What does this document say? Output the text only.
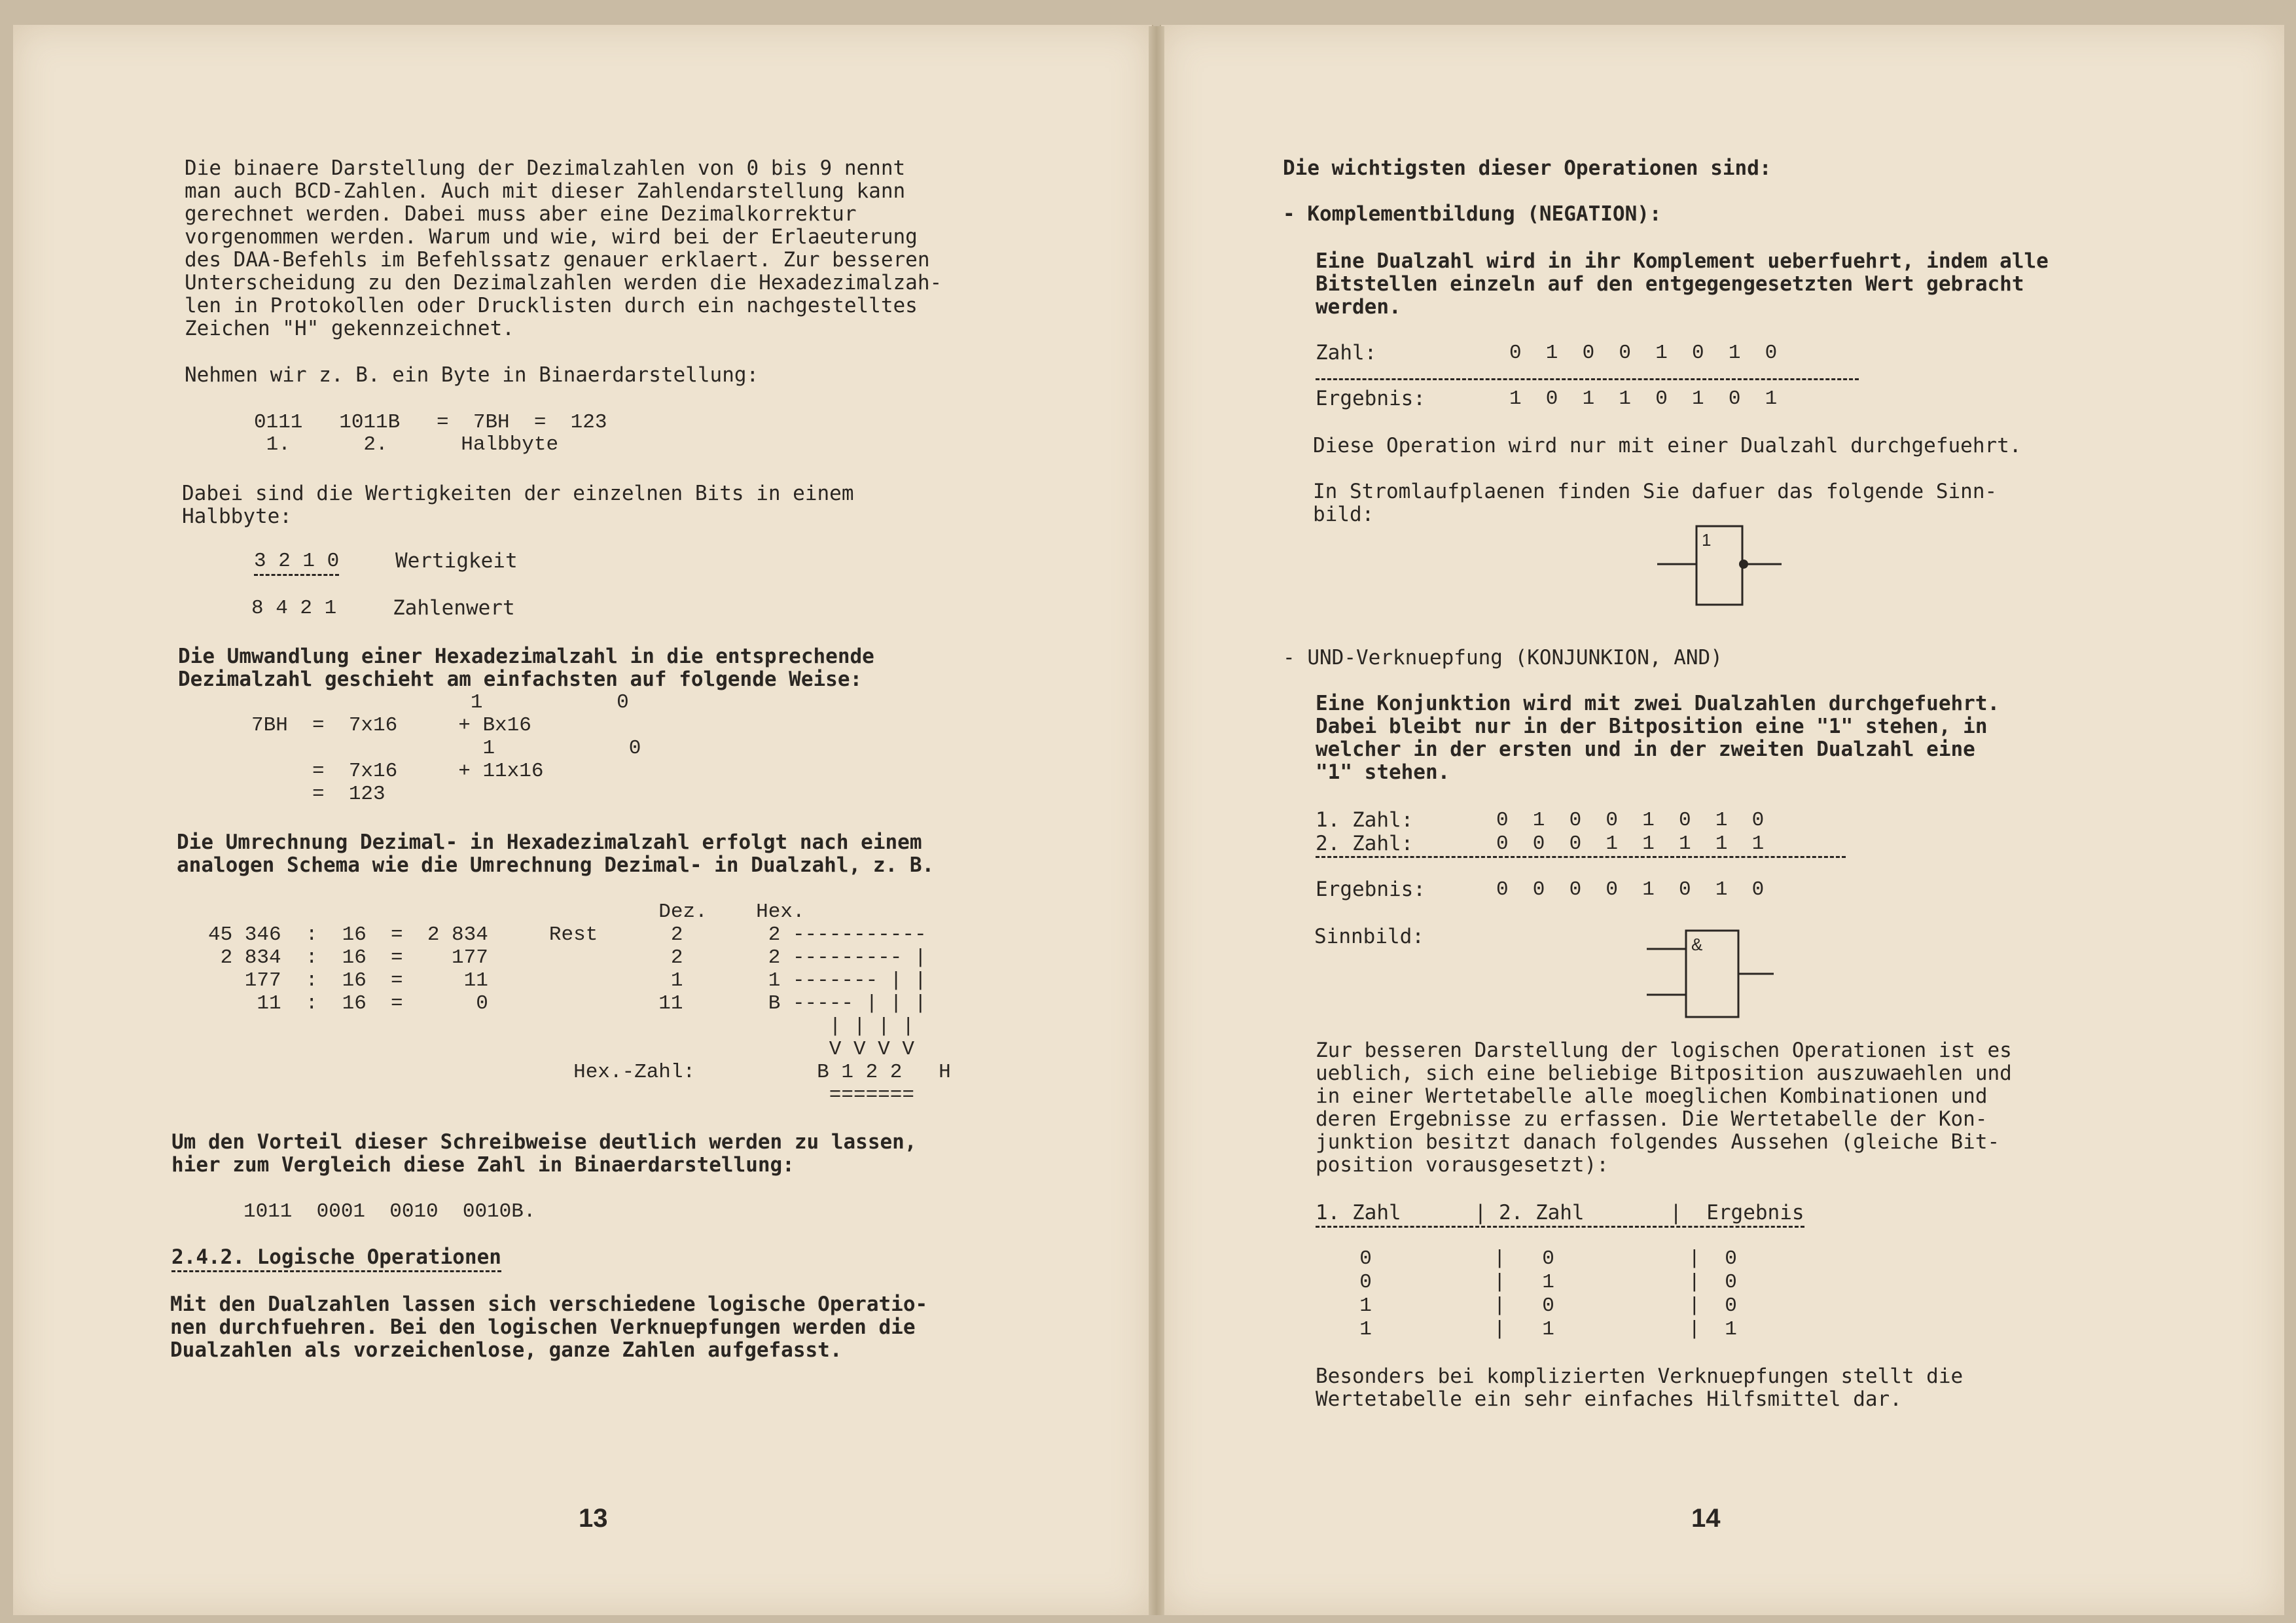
Die binaere Darstellung der Dezimalzahlen von 0 bis 9 nennt
man auch BCD-Zahlen. Auch mit dieser Zahlendarstellung kann
gerechnet werden. Dabei muss aber eine Dezimalkorrektur
vorgenommen werden. Warum und wie, wird bei der Erlaeuterung
des DAA-Befehls im Befehlssatz genauer erklaert. Zur besseren
Unterscheidung zu den Dezimalzahlen werden die Hexadezimalzah-
len in Protokollen oder Drucklisten durch ein nachgestelltes
Zeichen "H" gekennzeichnet.
Nehmen wir z. B. ein Byte in Binaerdarstellung:
0111   1011B   =  7BH  =  123
1.      2.      Halbbyte
Dabei sind die Wertigkeiten der einzelnen Bits in einem
Halbbyte:
3 2 1 0	Wertigkeit
8 4 2 1	Zahlenwert
Die Umwandlung einer Hexadezimalzahl in die entsprechende
Dezimalzahl geschieht am einfachsten auf folgende Weise:
1           0
7BH  =  7x16     + Bx16
1           0
=  7x16     + 11x16
=  123
Die Umrechnung Dezimal- in Hexadezimalzahl erfolgt nach einem
analogen Schema wie die Umrechnung Dezimal- in Dualzahl, z. B.
Dez.    Hex.
45 346  :  16  =  2 834     Rest      2       2 -----------
2 834  :  16  =    177               2       2 --------- |
177  :  16  =     11               1       1 ------- | |
11  :  16  =      0              11       B ----- | | |
| | | |
V V V V
Hex.-Zahl:          B 1 2 2   H
=======
Um den Vorteil dieser Schreibweise deutlich werden zu lassen,
hier zum Vergleich diese Zahl in Binaerdarstellung:
1011  0001  0010  0010B.
2.4.2. Logische Operationen
Mit den Dualzahlen lassen sich verschiedene logische Operatio-
nen durchfuehren. Bei den logischen Verknuepfungen werden die
Dualzahlen als vorzeichenlose, ganze Zahlen aufgefasst.
13
Die wichtigsten dieser Operationen sind:
- Komplementbildung (NEGATION):
Eine Dualzahl wird in ihr Komplement ueberfuehrt, indem alle
Bitstellen einzeln auf den entgegengesetzten Wert gebracht
werden.
Zahl:	0  1  0  0  1  0  1  0
Ergebnis:	1  0  1  1  0  1  0  1
Diese Operation wird nur mit einer Dualzahl durchgefuehrt.
In Stromlaufplaenen finden Sie dafuer das folgende Sinn-
bild:
1
- UND-Verknuepfung (KONJUNKION, AND)
Eine Konjunktion wird mit zwei Dualzahlen durchgefuehrt.
Dabei bleibt nur in der Bitposition eine "1" stehen, in
welcher in der ersten und in der zweiten Dualzahl eine
"1" stehen.
1. Zahl:	0  1  0  0  1  0  1  0
2. Zahl:	0  0  0  1  1  1  1  1
Ergebnis:	0  0  0  0  1  0  1  0
Sinnbild:	&
Zur besseren Darstellung der logischen Operationen ist es
ueblich, sich eine beliebige Bitposition auszuwaehlen und
in einer Wertetabelle alle moeglichen Kombinationen und
deren Ergebnisse zu erfassen. Die Wertetabelle der Kon-
junktion besitzt danach folgendes Aussehen (gleiche Bit-
position vorausgesetzt):
1. Zahl      | 2. Zahl       |  Ergebnis
0          |   0           |  0
0          |   1           |  0
1          |   0           |  0
1          |   1           |  1
Besonders bei komplizierten Verknuepfungen stellt die
Wertetabelle ein sehr einfaches Hilfsmittel dar.
14
